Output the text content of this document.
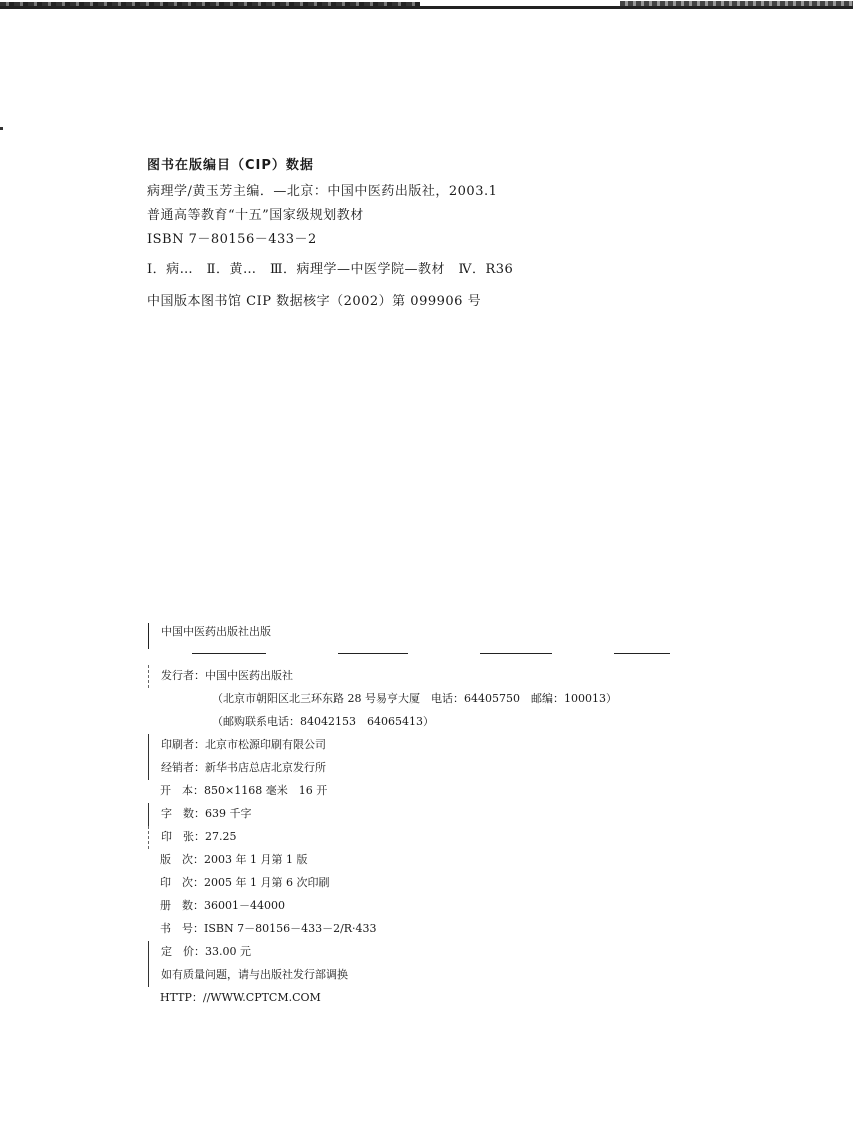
图书在版编目（CIP）数据
病理学/黄玉芳主编．—北京：中国中医药出版社，2003.1
普通高等教育“十五”国家级规划教材
ISBN 7－80156－433－2
Ⅰ．病…　Ⅱ．黄…　Ⅲ．病理学—中医学院—教材　Ⅳ．R36
中国版本图书馆 CIP 数据核字（2002）第 099906 号
中国中医药出版社出版
发行者：中国中医药出版社
（北京市朝阳区北三环东路 28 号易亨大厦　电话：64405750　邮编：100013）
（邮购联系电话：84042153　64065413）
印刷者：北京市松源印刷有限公司
经销者：新华书店总店北京发行所
开　本：850×1168 毫米　16 开
字　数：639 千字
印　张：27.25
版　次：2003 年 1 月第 1 版
印　次：2005 年 1 月第 6 次印刷
册　数：36001－44000
书　号：ISBN 7－80156－433－2/R·433
定　价：33.00 元
如有质量问题，请与出版社发行部调换
HTTP：//WWW.CPTCM.COM
